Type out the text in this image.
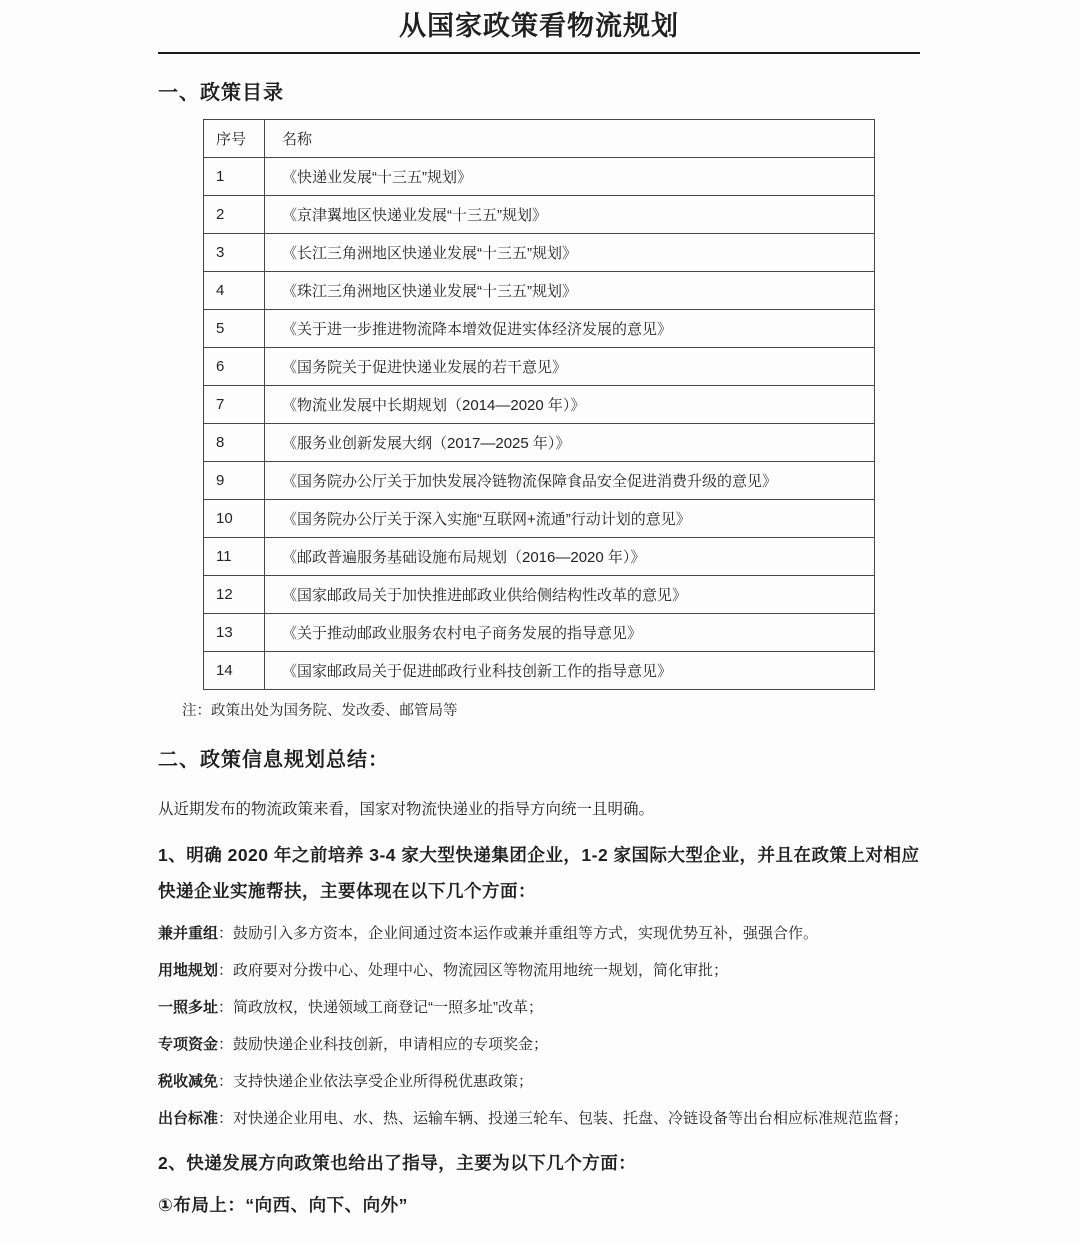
从国家政策看物流规划
一、政策目录
序号	名称
1	《快递业发展“十三五”规划》
2	《京津翼地区快递业发展“十三五”规划》
3	《长江三角洲地区快递业发展“十三五”规划》
4	《珠江三角洲地区快递业发展“十三五”规划》
5	《关于进一步推进物流降本增效促进实体经济发展的意见》
6	《国务院关于促进快递业发展的若干意见》
7	《物流业发展中长期规划（2014—2020 年）》
8	《服务业创新发展大纲（2017—2025 年）》
9	《国务院办公厅关于加快发展冷链物流保障食品安全促进消费升级的意见》
10	《国务院办公厅关于深入实施“互联网+流通”行动计划的意见》
11	《邮政普遍服务基础设施布局规划（2016—2020 年）》
12	《国家邮政局关于加快推进邮政业供给侧结构性改革的意见》
13	《关于推动邮政业服务农村电子商务发展的指导意见》
14	《国家邮政局关于促进邮政行业科技创新工作的指导意见》
注：政策出处为国务院、发改委、邮管局等
二、政策信息规划总结：

从近期发布的物流政策来看，国家对物流快递业的指导方向统一且明确。

1、明确 2020 年之前培养 3-4 家大型快递集团企业，1-2 家国际大型企业，并且在政策上对相应快递企业实施帮扶，主要体现在以下几个方面：

兼并重组：鼓励引入多方资本，企业间通过资本运作或兼并重组等方式，实现优势互补，强强合作。

用地规划：政府要对分拨中心、处理中心、物流园区等物流用地统一规划，简化审批；

一照多址：简政放权，快递领域工商登记“一照多址”改革；

专项资金：鼓励快递企业科技创新，申请相应的专项奖金；

税收减免：支持快递企业依法享受企业所得税优惠政策；

出台标准：对快递企业用电、水、热、运输车辆、投递三轮车、包装、托盘、冷链设备等出台相应标准规范监督；

2、快递发展方向政策也给出了指导，主要为以下几个方面：

①布局上：“向西、向下、向外”
